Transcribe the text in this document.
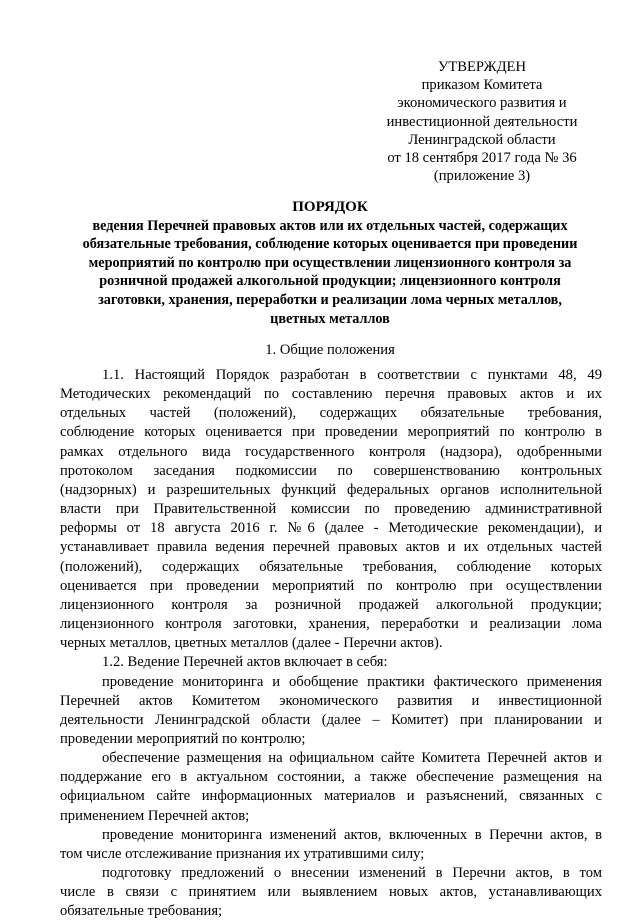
УТВЕРЖДЕН
приказом Комитета
экономического развития и
инвестиционной деятельности
Ленинградской области
от 18 сентября 2017 года № 36
(приложение 3)
ПОРЯДОК
ведения Перечней правовых актов или их отдельных частей, содержащих
обязательные требования, соблюдение которых оценивается при проведении
мероприятий по контролю при осуществлении лицензионного контроля за
розничной продажей алкогольной продукции; лицензионного контроля
заготовки, хранения, переработки и реализации лома черных металлов,
цветных металлов
1. Общие положения
1.1. Настоящий Порядок разработан в соответствии с пунктами 48, 49
Методических рекомендаций по составлению перечня правовых актов и их
отдельных частей (положений), содержащих обязательные требования,
соблюдение которых оценивается при проведении мероприятий по контролю в
рамках отдельного вида государственного контроля (надзора), одобренными
протоколом заседания подкомиссии по совершенствованию контрольных
(надзорных) и разрешительных функций федеральных органов исполнительной
власти при Правительственной комиссии по проведению административной
реформы от 18 августа 2016 г. №6 (далее - Методические рекомендации), и
устанавливает правила ведения перечней правовых актов и их отдельных частей
(положений), содержащих обязательные требования, соблюдение которых
оценивается при проведении мероприятий по контролю при осуществлении
лицензионного контроля за розничной продажей алкогольной продукции;
лицензионного контроля заготовки, хранения, переработки и реализации лома
черных металлов, цветных металлов (далее - Перечни актов).
1.2. Ведение Перечней актов включает в себя:
проведение мониторинга и обобщение практики фактического применения
Перечней актов Комитетом экономического развития и инвестиционной
деятельности Ленинградской области (далее – Комитет) при планировании и
проведении мероприятий по контролю;
обеспечение размещения на официальном сайте Комитета Перечней актов и
поддержание его в актуальном состоянии, а также обеспечение размещения на
официальном сайте информационных материалов и разъяснений, связанных с
применением Перечней актов;
проведение мониторинга изменений актов, включенных в Перечни актов, в
том числе отслеживание признания их утратившими силу;
подготовку предложений о внесении изменений в Перечни актов, в том
числе в связи с принятием или выявлением новых актов, устанавливающих
обязательные требования;
